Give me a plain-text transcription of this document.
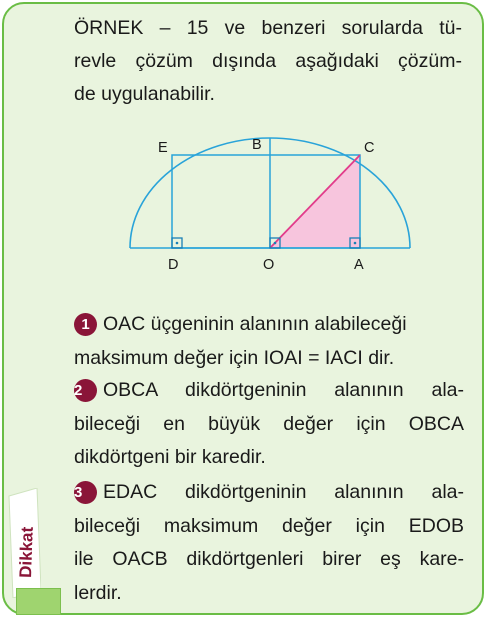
ÖRNEK – 15 ve benzeri sorularda tü-
revle çözüm dışında aşağıdaki çözüm-

de uygulanabilir.
E	B	C
D	O	A

1 OAC üçgeninin alanının alabileceği

maksimum değer için IOAI = IACI dir.

2 OBCA dikdörtgeninin alanının ala-

bileceği en büyük değer için OBCA

dikdörtgeni bir karedir.

3 EDAC dikdörtgeninin alanının ala-

bileceği maksimum değer için EDOB

ile OACB dikdörtgenleri birer eş kare-

lerdir.

Dikkat
